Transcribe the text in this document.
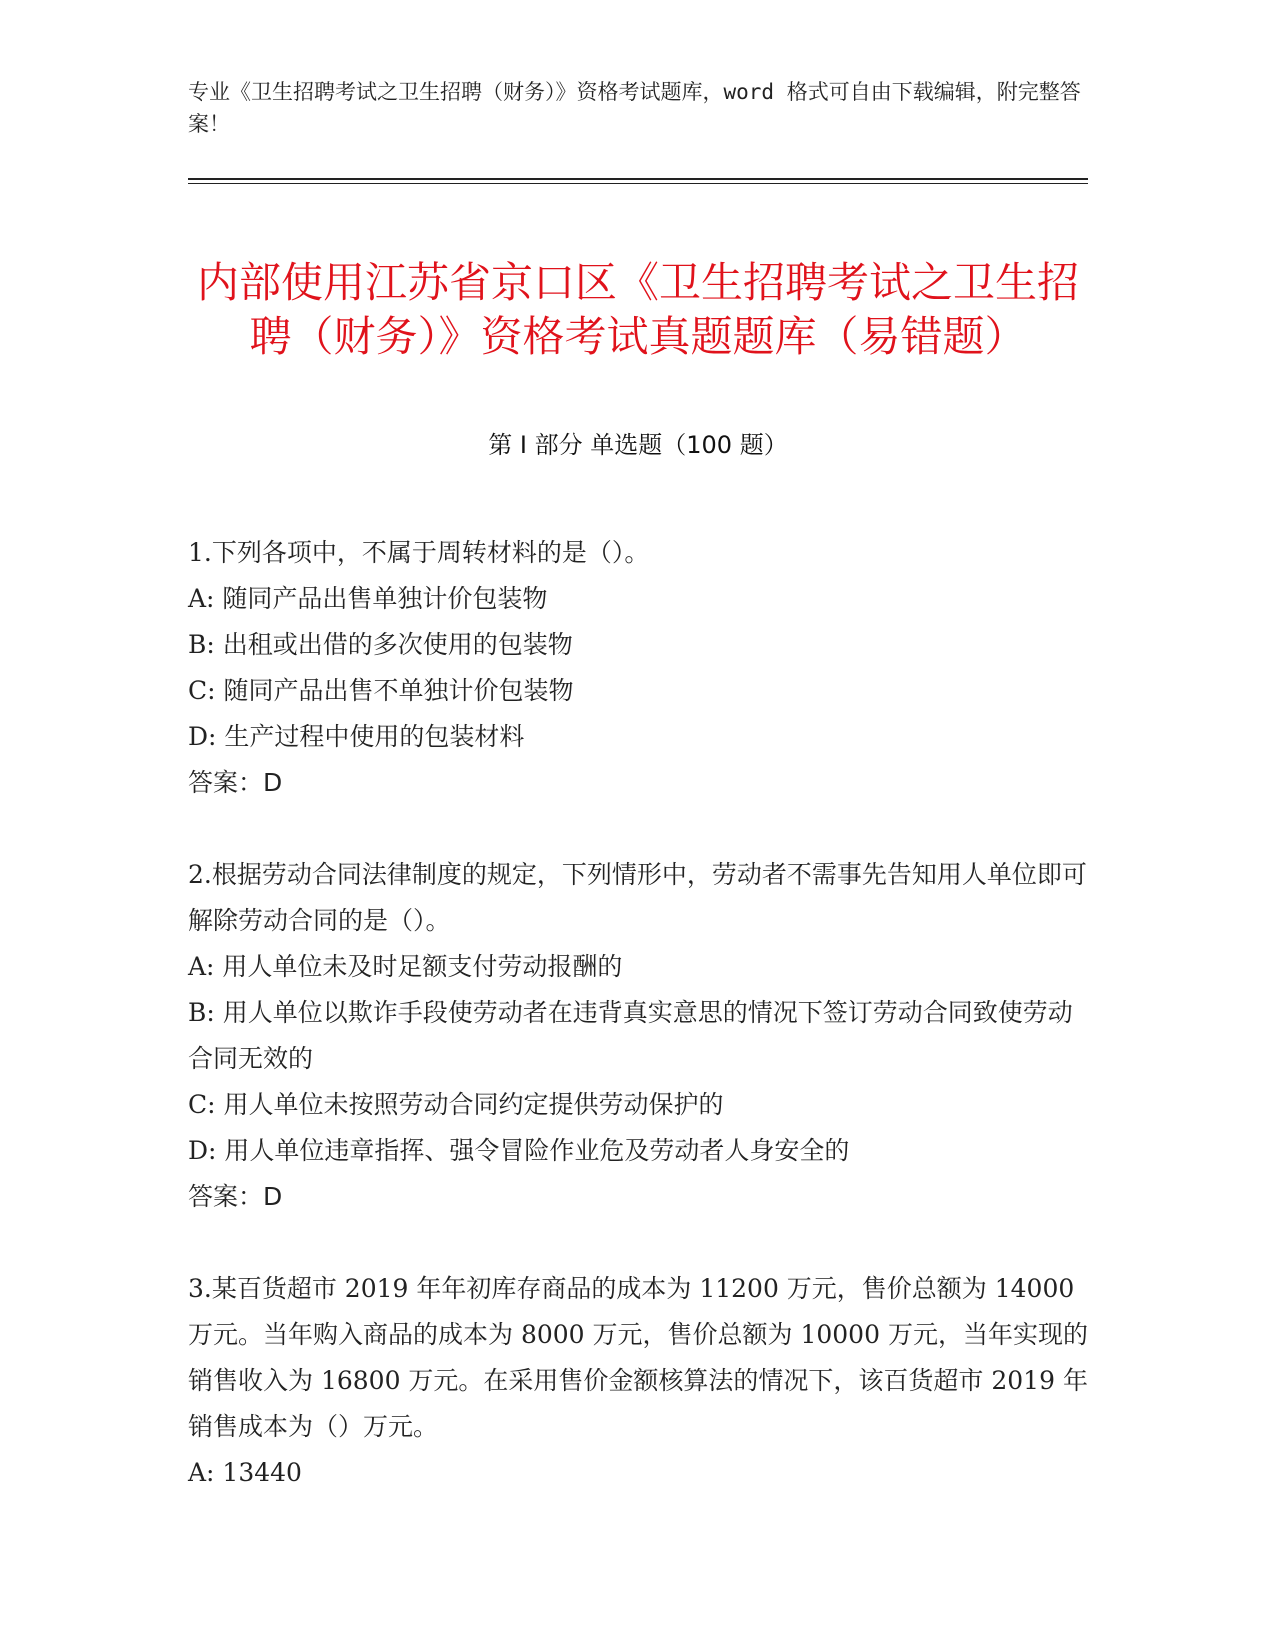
专业《卫生招聘考试之卫生招聘（财务）》资格考试题库，word 格式可自由下载编辑，附完整答案！
内部使用江苏省京口区《卫生招聘考试之卫生招聘（财务）》资格考试真题题库（易错题）
第 I 部分 单选题（100 题）

1.下列各项中，不属于周转材料的是（）。

A: 随同产品出售单独计价包装物

B: 出租或出借的多次使用的包装物

C: 随同产品出售不单独计价包装物

D: 生产过程中使用的包装材料

答案：D

2.根据劳动合同法律制度的规定，下列情形中，劳动者不需事先告知用人单位即可解除劳动合同的是（）。

A: 用人单位未及时足额支付劳动报酬的

B: 用人单位以欺诈手段使劳动者在违背真实意思的情况下签订劳动合同致使劳动合同无效的

C: 用人单位未按照劳动合同约定提供劳动保护的

D: 用人单位违章指挥、强令冒险作业危及劳动者人身安全的

答案：D

3.某百货超市 2019 年年初库存商品的成本为 11200 万元，售价总额为 14000 万元。当年购入商品的成本为 8000 万元，售价总额为 10000 万元，当年实现的销售收入为 16800 万元。在采用售价金额核算法的情况下，该百货超市 2019 年销售成本为（）万元。

A: 13440
